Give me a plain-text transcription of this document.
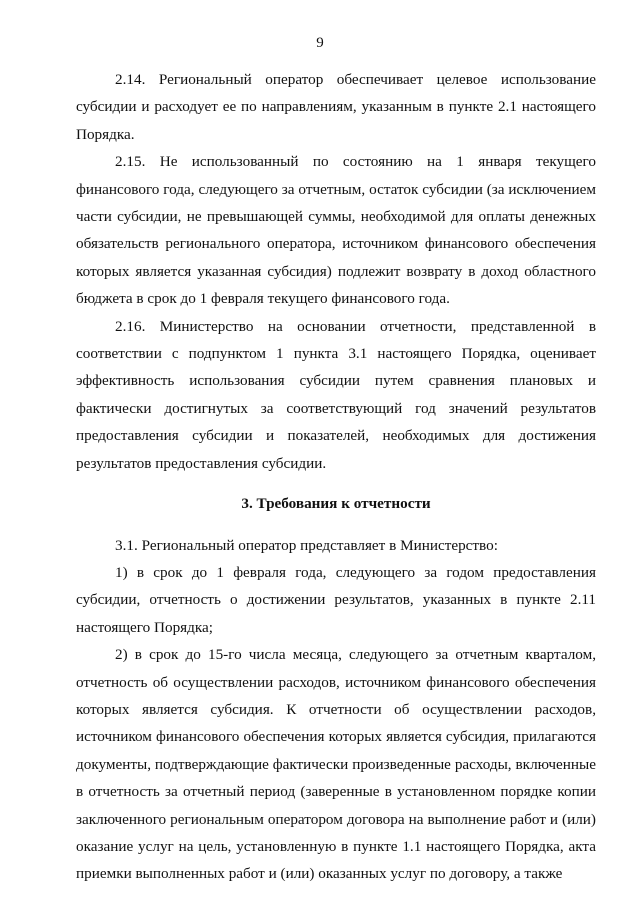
9

2.14. Региональный оператор обеспечивает целевое использование субсидии и расходует ее по направлениям, указанным в пункте 2.1 настоящего Порядка.

2.15. Не использованный по состоянию на 1 января текущего финансового года, следующего за отчетным, остаток субсидии (за исключением части субсидии, не превышающей суммы, необходимой для оплаты денежных обязательств регионального оператора, источником финансового обеспечения которых является указанная субсидия) подлежит возврату в доход областного бюджета в срок до 1 февраля текущего финансового года.

2.16. Министерство на основании отчетности, представленной в соответствии с подпунктом 1 пункта 3.1 настоящего Порядка, оценивает эффективность использования субсидии путем сравнения плановых и фактически достигнутых за соответствующий год значений результатов предоставления субсидии и показателей, необходимых для достижения результатов предоставления субсидии.

3. Требования к отчетности

3.1. Региональный оператор представляет в Министерство:

1) в срок до 1 февраля года, следующего за годом предоставления субсидии, отчетность о достижении результатов, указанных в пункте 2.11 настоящего Порядка;

2) в срок до 15-го числа месяца, следующего за отчетным кварталом, отчетность об осуществлении расходов, источником финансового обеспечения которых является субсидия. К отчетности об осуществлении расходов, источником финансового обеспечения которых является субсидия, прилагаются документы, подтверждающие фактически произведенные расходы, включенные в отчетность за отчетный период (заверенные в установленном порядке копии заключенного региональным оператором договора на выполнение работ и (или) оказание услуг на цель, установленную в пункте 1.1 настоящего Порядка, акта приемки выполненных работ и (или) оказанных услуг по договору, а также
